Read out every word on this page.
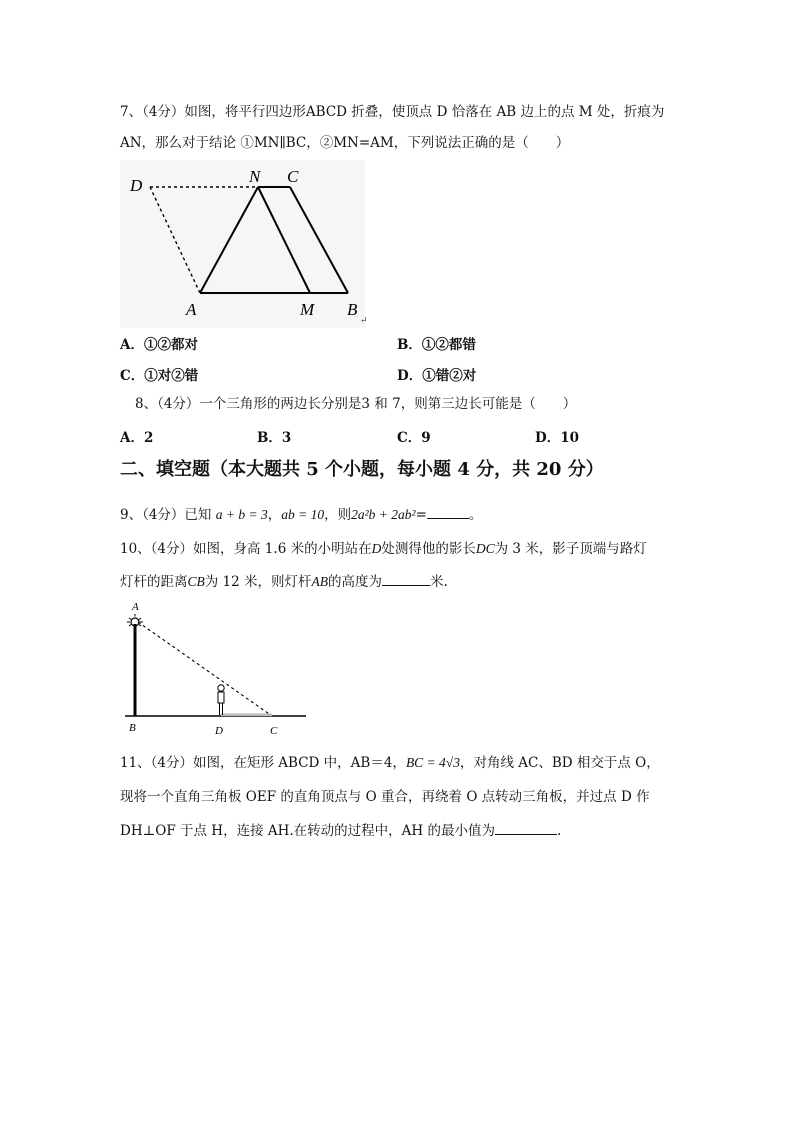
7、（4分）如图，将平行四边形ABCD 折叠，使顶点 D 恰落在 AB 边上的点 M 处，折痕为
AN，那么对于结论 ①MN∥BC，②MN=AM，下列说法正确的是（　　）
D	N C
A	M B
↵
A．①②都对	B．①②都错
C．①对②错	D．①错②对
8、（4分）一个三角形的两边长分别是3 和 7，则第三边长可能是（　　）
A．2	B．3	C．9	D．10
二、填空题（本大题共 5 个小题，每小题 4 分，共 20 分）
9、（4分）已知 a + b = 3，ab = 10，则2a²b + 2ab²=	。
10、（4分）如图，身高 1.6 米的小明站在D处测得他的影长DC为 3 米，影子顶端与路灯
灯杆的距离CB为 12 米，则灯杆AB的高度为	米.
A
B	D	C
11、（4分）如图，在矩形 ABCD 中，AB＝4，BC = 4√3，对角线 AC、BD 相交于点 O，
现将一个直角三角板 OEF 的直角顶点与 O 重合，再绕着 O 点转动三角板，并过点 D 作
DH⊥OF 于点 H，连接 AH.在转动的过程中，AH 的最小值为	.
